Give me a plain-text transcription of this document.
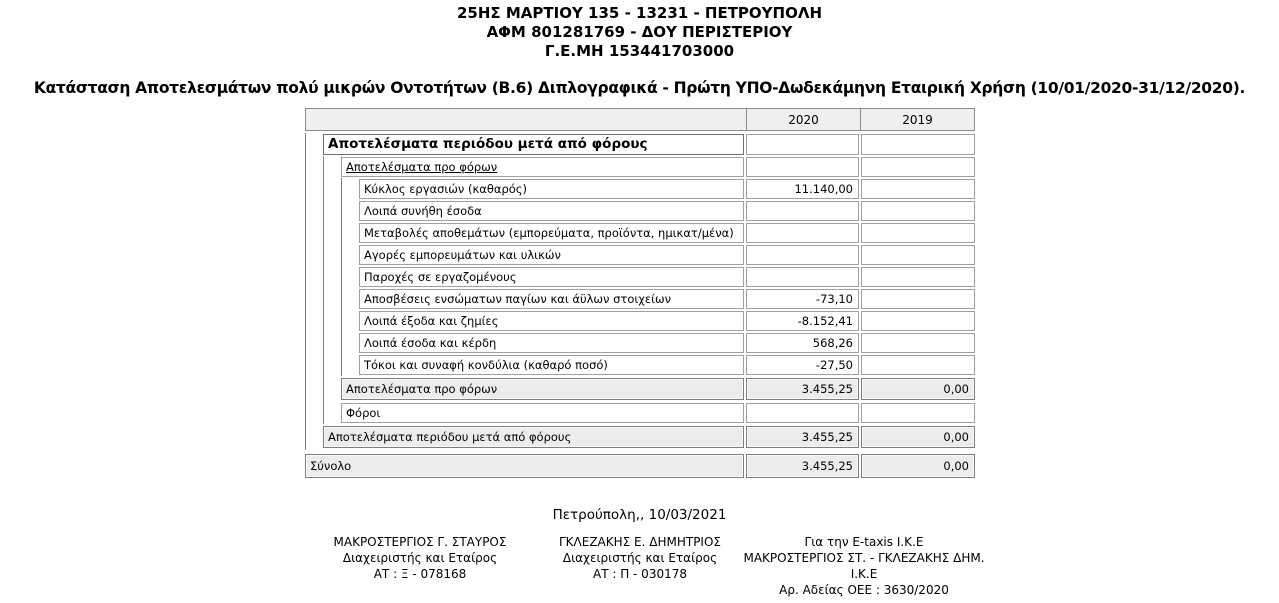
25ΗΣ ΜΑΡΤΙΟΥ 135 - 13231 - ΠΕΤΡΟΥΠΟΛΗ
ΑΦΜ 801281769 - ΔΟΥ ΠΕΡΙΣΤΕΡΙΟΥ
Γ.Ε.ΜΗ 153441703000
Κατάσταση Αποτελεσμάτων πολύ μικρών Οντοτήτων (Β.6) Διπλογραφικά - Πρώτη ΥΠΟ-Δωδεκάμηνη Εταιρική Χρήση (10/01/2020-31/12/2020).
2020	2019
Αποτελέσματα περιόδου μετά από φόρους
Αποτελέσματα προ φόρων
Κύκλος εργασιών (καθαρός)	11.140,00
Λοιπά συνήθη έσοδα
Μεταβολές αποθεμάτων (εμπορεύματα, προϊόντα, ημικατ/μένα)
Αγορές εμπορευμάτων και υλικών
Παροχές σε εργαζομένους
Αποσβέσεις ενσώματων παγίων και άϋλων στοιχείων	-73,10
Λοιπά έξοδα και ζημίες	-8.152,41
Λοιπά έσοδα και κέρδη	568,26
Τόκοι και συναφή κονδύλια (καθαρό ποσό)	-27,50
Αποτελέσματα προ φόρων	3.455,25	0,00
Φόροι
Αποτελέσματα περιόδου μετά από φόρους	3.455,25	0,00
Σύνολο	3.455,25	0,00
Πετρούπολη,, 10/03/2021
ΜΑΚΡΟΣΤΕΡΓΙΟΣ Γ. ΣΤΑΥΡΟΣ
Διαχειριστής και Εταίρος
ΑΤ : Ξ - 078168
ΓΚΛΕΖΑΚΗΣ Ε. ΔΗΜΗΤΡΙΟΣ
Διαχειριστής και Εταίρος
ΑΤ : Π - 030178
Για την E-taxis Ι.Κ.Ε
ΜΑΚΡΟΣΤΕΡΓΙΟΣ ΣΤ. - ΓΚΛΕΖΑΚΗΣ ΔΗΜ.
Ι.Κ.Ε
Αρ. Αδείας ΟΕΕ : 3630/2020
